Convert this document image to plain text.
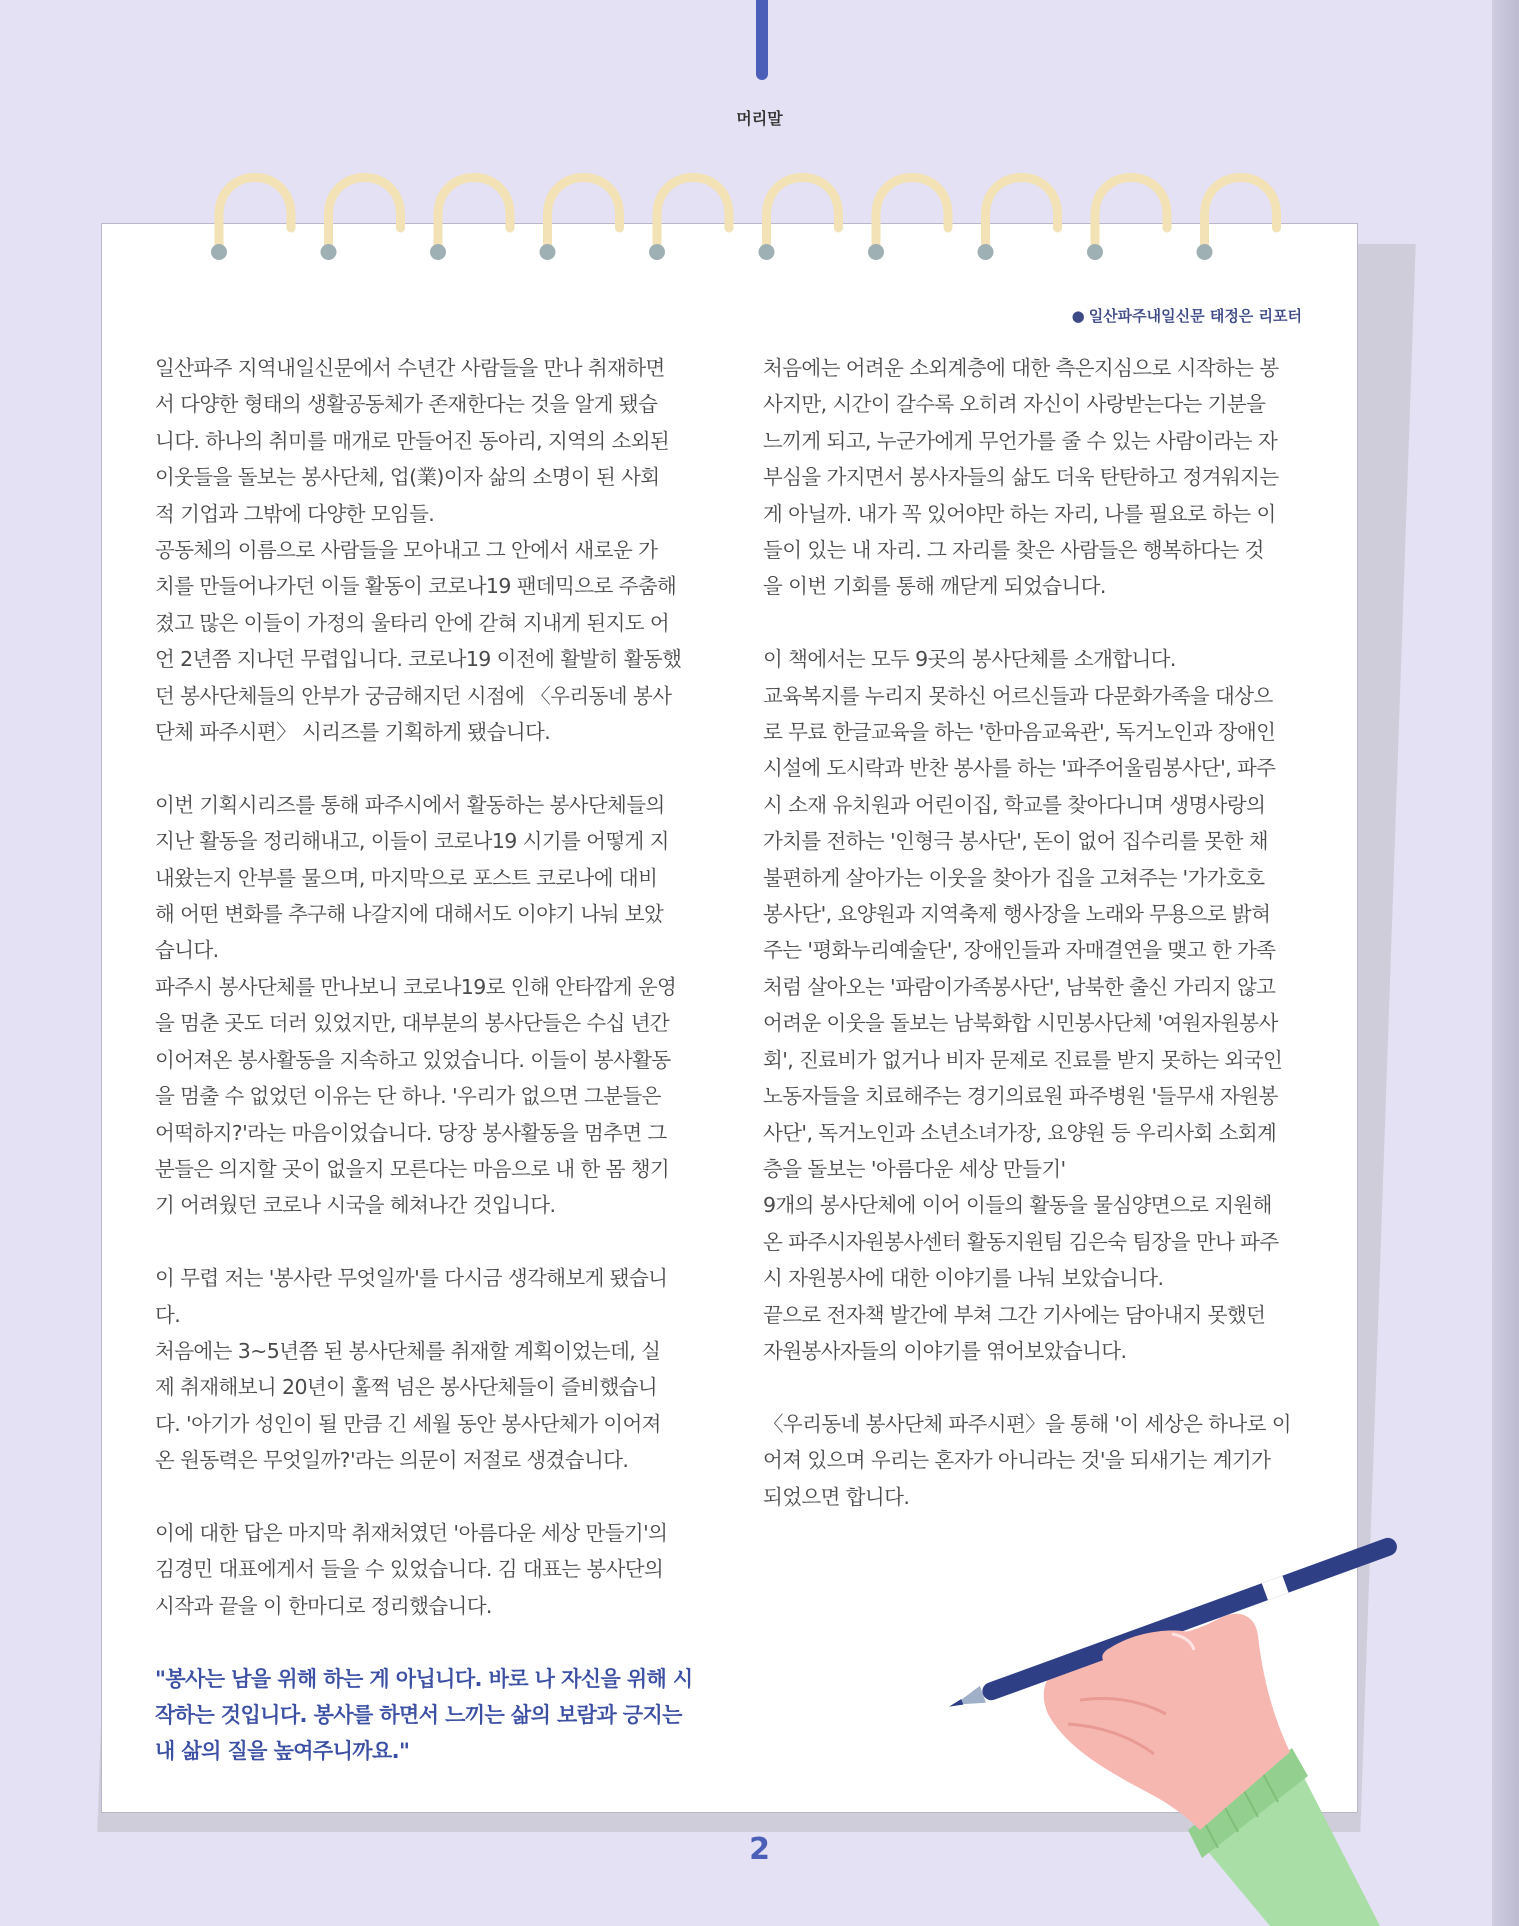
머리말
● 일산파주내일신문 태정은 리포터

일산파주 지역내일신문에서 수년간 사람들을 만나 취재하면
서 다양한 형태의 생활공동체가 존재한다는 것을 알게 됐습
니다. 하나의 취미를 매개로 만들어진 동아리, 지역의 소외된
이웃들을 돌보는 봉사단체, 업(業)이자 삶의 소명이 된 사회
적 기업과 그밖에 다양한 모임들.

공동체의 이름으로 사람들을 모아내고 그 안에서 새로운 가
치를 만들어나가던 이들 활동이 코로나19 팬데믹으로 주춤해
졌고 많은 이들이 가정의 울타리 안에 갇혀 지내게 된지도 어
언 2년쯤 지나던 무렵입니다. 코로나19 이전에 활발히 활동했
던 봉사단체들의 안부가 궁금해지던 시점에 〈우리동네 봉사
단체 파주시편〉 시리즈를 기획하게 됐습니다.

이번 기획시리즈를 통해 파주시에서 활동하는 봉사단체들의
지난 활동을 정리해내고, 이들이 코로나19 시기를 어떻게 지
내왔는지 안부를 물으며, 마지막으로 포스트 코로나에 대비
해 어떤 변화를 추구해 나갈지에 대해서도 이야기 나눠 보았
습니다.

파주시 봉사단체를 만나보니 코로나19로 인해 안타깝게 운영
을 멈춘 곳도 더러 있었지만, 대부분의 봉사단들은 수십 년간
이어져온 봉사활동을 지속하고 있었습니다. 이들이 봉사활동
을 멈출 수 없었던 이유는 단 하나. '우리가 없으면 그분들은
어떡하지?'라는 마음이었습니다. 당장 봉사활동을 멈추면 그
분들은 의지할 곳이 없을지 모른다는 마음으로 내 한 몸 챙기
기 어려웠던 코로나 시국을 헤쳐나간 것입니다.

이 무렵 저는 '봉사란 무엇일까'를 다시금 생각해보게 됐습니
다.

처음에는 3~5년쯤 된 봉사단체를 취재할 계획이었는데, 실
제 취재해보니 20년이 훌쩍 넘은 봉사단체들이 즐비했습니
다. '아기가 성인이 될 만큼 긴 세월 동안 봉사단체가 이어져
온 원동력은 무엇일까?'라는 의문이 저절로 생겼습니다.

이에 대한 답은 마지막 취재처였던 '아름다운 세상 만들기'의
김경민 대표에게서 들을 수 있었습니다. 김 대표는 봉사단의
시작과 끝을 이 한마디로 정리했습니다.

"봉사는 남을 위해 하는 게 아닙니다. 바로 나 자신을 위해 시
작하는 것입니다. 봉사를 하면서 느끼는 삶의 보람과 긍지는
내 삶의 질을 높여주니까요."

처음에는 어려운 소외계층에 대한 측은지심으로 시작하는 봉
사지만, 시간이 갈수록 오히려 자신이 사랑받는다는 기분을
느끼게 되고, 누군가에게 무언가를 줄 수 있는 사람이라는 자
부심을 가지면서 봉사자들의 삶도 더욱 탄탄하고 정겨워지는
게 아닐까. 내가 꼭 있어야만 하는 자리, 나를 필요로 하는 이
들이 있는 내 자리. 그 자리를 찾은 사람들은 행복하다는 것
을 이번 기회를 통해 깨닫게 되었습니다.

이 책에서는 모두 9곳의 봉사단체를 소개합니다.

교육복지를 누리지 못하신 어르신들과 다문화가족을 대상으
로 무료 한글교육을 하는 '한마음교육관', 독거노인과 장애인
시설에 도시락과 반찬 봉사를 하는 '파주어울림봉사단', 파주
시 소재 유치원과 어린이집, 학교를 찾아다니며 생명사랑의
가치를 전하는 '인형극 봉사단', 돈이 없어 집수리를 못한 채
불편하게 살아가는 이웃을 찾아가 집을 고쳐주는 '가가호호
봉사단', 요양원과 지역축제 행사장을 노래와 무용으로 밝혀
주는 '평화누리예술단', 장애인들과 자매결연을 맺고 한 가족
처럼 살아오는 '파람이가족봉사단', 남북한 출신 가리지 않고
어려운 이웃을 돌보는 남북화합 시민봉사단체 '여원자원봉사
회', 진료비가 없거나 비자 문제로 진료를 받지 못하는 외국인
노동자들을 치료해주는 경기의료원 파주병원 '들무새 자원봉
사단', 독거노인과 소년소녀가장, 요양원 등 우리사회 소회계
층을 돌보는 '아름다운 세상 만들기'

9개의 봉사단체에 이어 이들의 활동을 물심양면으로 지원해
온 파주시자원봉사센터 활동지원팀 김은숙 팀장을 만나 파주
시 자원봉사에 대한 이야기를 나눠 보았습니다.

끝으로 전자책 발간에 부쳐 그간 기사에는 담아내지 못했던
자원봉사자들의 이야기를 엮어보았습니다.

〈우리동네 봉사단체 파주시편〉을 통해 '이 세상은 하나로 이
어져 있으며 우리는 혼자가 아니라는 것'을 되새기는 계기가
되었으면 합니다.

2
